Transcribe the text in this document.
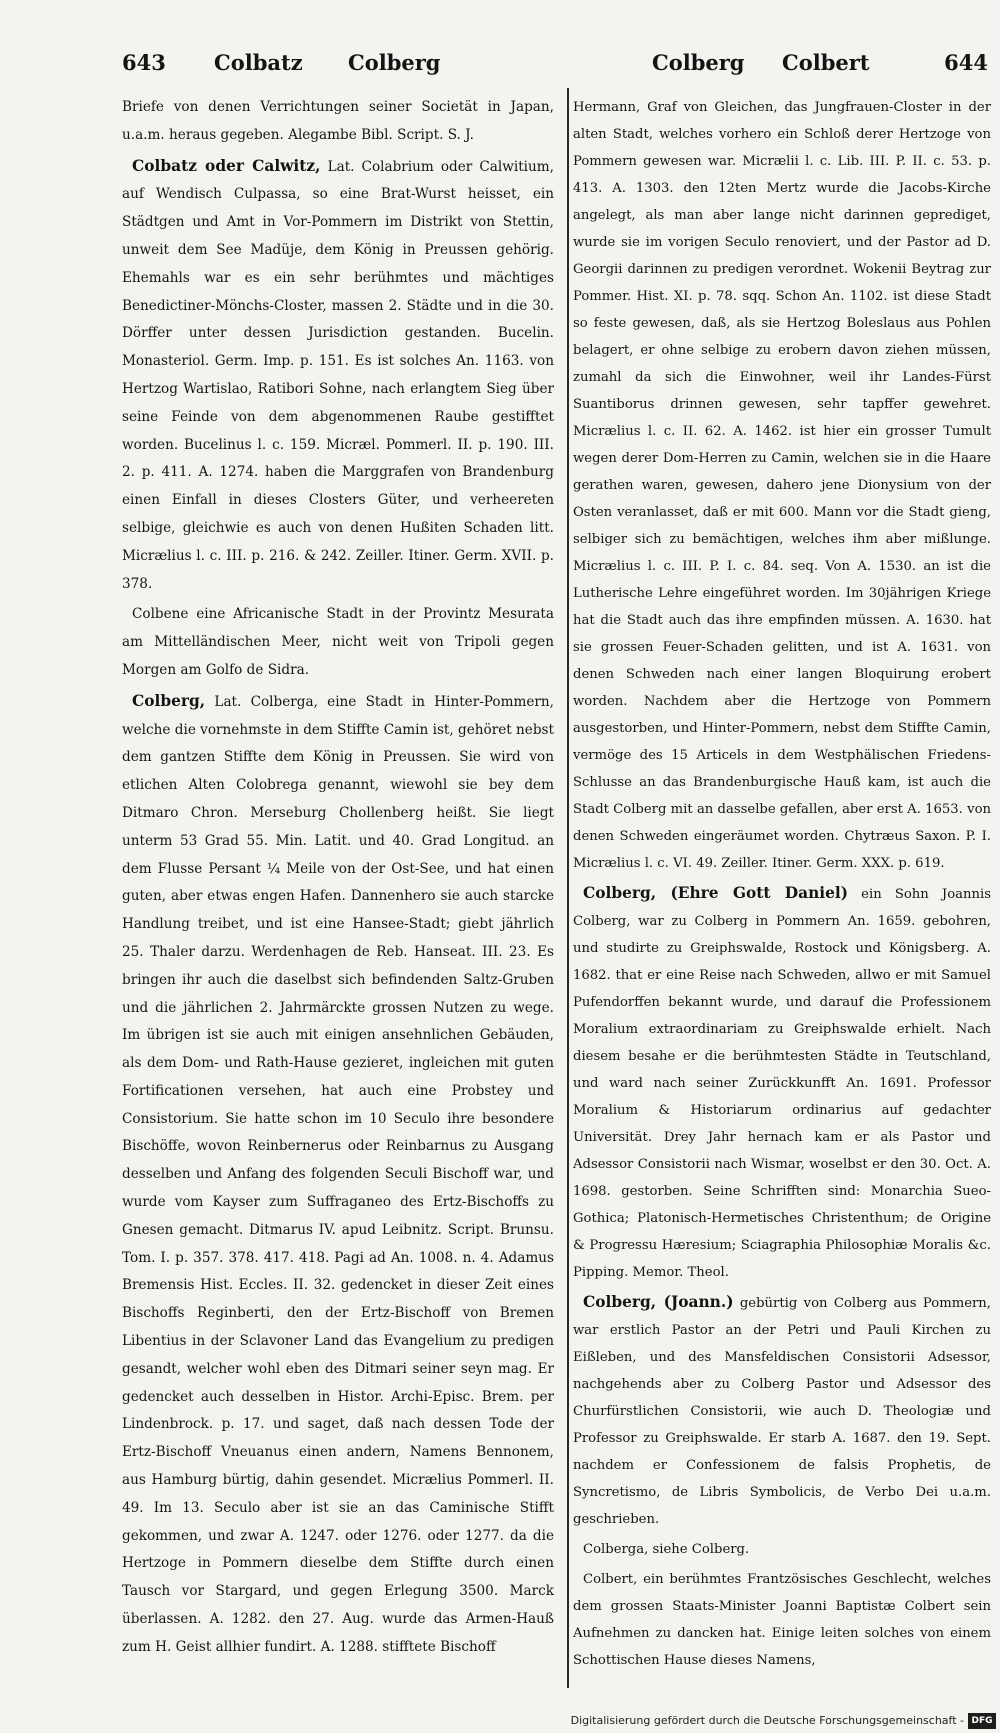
643 Colbatz Colberg	Colberg Colbert	644

Briefe von denen Verrichtungen seiner Societät in Japan, u.a.m. heraus gegeben. Alegambe Bibl. Script. S. J.

Colbatz oder Calwitz, Lat. Colabrium oder Calwitium, auf Wendisch Culpassa, so eine Brat-Wurst heisset, ein Städtgen und Amt in Vor-Pommern im Distrikt von Stettin, unweit dem See Madüje, dem König in Preussen gehörig. Ehemahls war es ein sehr berühmtes und mächtiges Benedictiner-Mönchs-Closter, massen 2. Städte und in die 30. Dörffer unter dessen Jurisdiction gestanden. Bucelin. Monasteriol. Germ. Imp. p. 151. Es ist solches An. 1163. von Hertzog Wartislao, Ratibori Sohne, nach erlangtem Sieg über seine Feinde von dem abgenommenen Raube gestifftet worden. Bucelinus l. c. 159. Micræl. Pommerl. II. p. 190. III. 2. p. 411. A. 1274. haben die Marggrafen von Brandenburg einen Einfall in dieses Closters Güter, und verheereten selbige, gleichwie es auch von denen Hußiten Schaden litt. Micrælius l. c. III. p. 216. & 242. Zeiller. Itiner. Germ. XVII. p. 378.

Colbene eine Africanische Stadt in der Provintz Mesurata am Mittelländischen Meer, nicht weit von Tripoli gegen Morgen am Golfo de Sidra.

Colberg, Lat. Colberga, eine Stadt in Hinter-Pommern, welche die vornehmste in dem Stiffte Camin ist, gehöret nebst dem gantzen Stiffte dem König in Preussen. Sie wird von etlichen Alten Colobrega genannt, wiewohl sie bey dem Ditmaro Chron. Merseburg Chollenberg heißt. Sie liegt unterm 53 Grad 55. Min. Latit. und 40. Grad Longitud. an dem Flusse Persant ¼ Meile von der Ost-See, und hat einen guten, aber etwas engen Hafen. Dannenhero sie auch starcke Handlung treibet, und ist eine Hansee-Stadt; giebt jährlich 25. Thaler darzu. Werdenhagen de Reb. Hanseat. III. 23. Es bringen ihr auch die daselbst sich befindenden Saltz-Gruben und die jährlichen 2. Jahrmärckte grossen Nutzen zu wege. Im übrigen ist sie auch mit einigen ansehnlichen Gebäuden, als dem Dom- und Rath-Hause gezieret, ingleichen mit guten Fortificationen versehen, hat auch eine Probstey und Consistorium. Sie hatte schon im 10 Seculo ihre besondere Bischöffe, wovon Reinbernerus oder Reinbarnus zu Ausgang desselben und Anfang des folgenden Seculi Bischoff war, und wurde vom Kayser zum Suffraganeo des Ertz-Bischoffs zu Gnesen gemacht. Ditmarus IV. apud Leibnitz. Script. Brunsu. Tom. I. p. 357. 378. 417. 418. Pagi ad An. 1008. n. 4. Adamus Bremensis Hist. Eccles. II. 32. gedencket in dieser Zeit eines Bischoffs Reginberti, den der Ertz-Bischoff von Bremen Libentius in der Sclavoner Land das Evangelium zu predigen gesandt, welcher wohl eben des Ditmari seiner seyn mag. Er gedencket auch desselben in Histor. Archi-Episc. Brem. per Lindenbrock. p. 17. und saget, daß nach dessen Tode der Ertz-Bischoff Vneuanus einen andern, Namens Bennonem, aus Hamburg bürtig, dahin gesendet. Micrælius Pommerl. II. 49. Im 13. Seculo aber ist sie an das Caminische Stifft gekommen, und zwar A. 1247. oder 1276. oder 1277. da die Hertzoge in Pommern dieselbe dem Stiffte durch einen Tausch vor Stargard, und gegen Erlegung 3500. Marck überlassen. A. 1282. den 27. Aug. wurde das Armen-Hauß zum H. Geist allhier fundirt. A. 1288. stifftete Bischoff

Hermann, Graf von Gleichen, das Jungfrauen-Closter in der alten Stadt, welches vorhero ein Schloß derer Hertzoge von Pommern gewesen war. Micrælii l. c. Lib. III. P. II. c. 53. p. 413. A. 1303. den 12ten Mertz wurde die Jacobs-Kirche angelegt, als man aber lange nicht darinnen geprediget, wurde sie im vorigen Seculo renoviert, und der Pastor ad D. Georgii darinnen zu predigen verordnet. Wokenii Beytrag zur Pommer. Hist. XI. p. 78. sqq. Schon An. 1102. ist diese Stadt so feste gewesen, daß, als sie Hertzog Boleslaus aus Pohlen belagert, er ohne selbige zu erobern davon ziehen müssen, zumahl da sich die Einwohner, weil ihr Landes-Fürst Suantiborus drinnen gewesen, sehr tapffer gewehret. Micrælius l. c. II. 62. A. 1462. ist hier ein grosser Tumult wegen derer Dom-Herren zu Camin, welchen sie in die Haare gerathen waren, gewesen, dahero jene Dionysium von der Osten veranlasset, daß er mit 600. Mann vor die Stadt gieng, selbiger sich zu bemächtigen, welches ihm aber mißlunge. Micrælius l. c. III. P. I. c. 84. seq. Von A. 1530. an ist die Lutherische Lehre eingeführet worden. Im 30jährigen Kriege hat die Stadt auch das ihre empfinden müssen. A. 1630. hat sie grossen Feuer-Schaden gelitten, und ist A. 1631. von denen Schweden nach einer langen Bloquirung erobert worden. Nachdem aber die Hertzoge von Pommern ausgestorben, und Hinter-Pommern, nebst dem Stiffte Camin, vermöge des 15 Articels in dem Westphälischen Friedens-Schlusse an das Brandenburgische Hauß kam, ist auch die Stadt Colberg mit an dasselbe gefallen, aber erst A. 1653. von denen Schweden eingeräumet worden. Chytræus Saxon. P. I. Micrælius l. c. VI. 49. Zeiller. Itiner. Germ. XXX. p. 619.

Colberg, (Ehre Gott Daniel) ein Sohn Joannis Colberg, war zu Colberg in Pommern An. 1659. gebohren, und studirte zu Greiphswalde, Rostock und Königsberg. A. 1682. that er eine Reise nach Schweden, allwo er mit Samuel Pufendorffen bekannt wurde, und darauf die Professionem Moralium extraordinariam zu Greiphswalde erhielt. Nach diesem besahe er die berühmtesten Städte in Teutschland, und ward nach seiner Zurückkunfft An. 1691. Professor Moralium & Historiarum ordinarius auf gedachter Universität. Drey Jahr hernach kam er als Pastor und Adsessor Consistorii nach Wismar, woselbst er den 30. Oct. A. 1698. gestorben. Seine Schrifften sind: Monarchia Sueo-Gothica; Platonisch-Hermetisches Christenthum; de Origine & Progressu Hæresium; Sciagraphia Philosophiæ Moralis &c. Pipping. Memor. Theol.

Colberg, (Joann.) gebürtig von Colberg aus Pommern, war erstlich Pastor an der Petri und Pauli Kirchen zu Eißleben, und des Mansfeldischen Consistorii Adsessor, nachgehends aber zu Colberg Pastor und Adsessor des Churfürstlichen Consistorii, wie auch D. Theologiæ und Professor zu Greiphswalde. Er starb A. 1687. den 19. Sept. nachdem er Confessionem de falsis Prophetis, de Syncretismo, de Libris Symbolicis, de Verbo Dei u.a.m. geschrieben.

Colberga, siehe Colberg.

Colbert, ein berühmtes Frantzösisches Geschlecht, welches dem grossen Staats-Minister Joanni Baptistæ Colbert sein Aufnehmen zu dancken hat. Einige leiten solches von einem Schottischen Hause dieses Namens,

Digitalisierung gefördert durch die Deutsche Forschungsgemeinschaft - DFG
